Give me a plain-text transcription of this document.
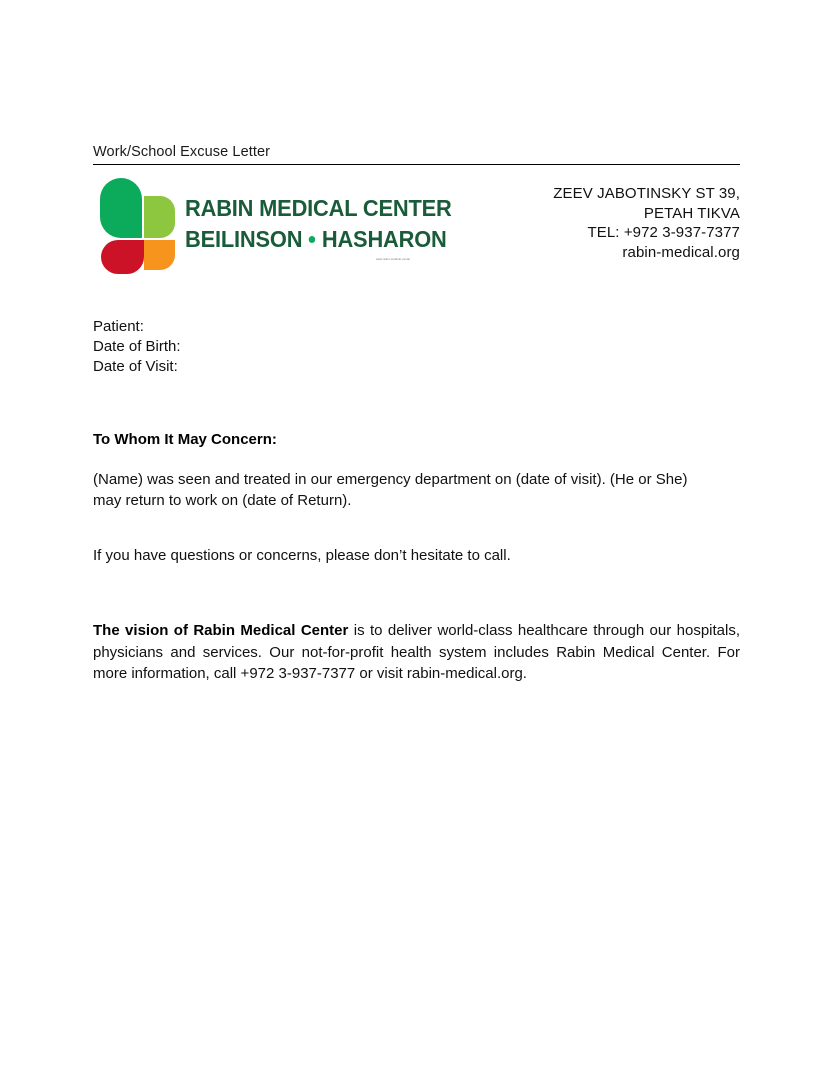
Work/School Excuse Letter
RABIN MEDICAL CENTER
BEILINSON HASHARON
www.rabin-medical.center
ZEEV JABOTINSKY ST 39,
PETAH TIKVA
TEL: +972 3-937-7377
rabin-medical.org
Patient:
Date of Birth:
Date of Visit:
To Whom It May Concern:
(Name) was seen and treated in our emergency department on (date of visit). (He or She) may return to work on (date of Return).
If you have questions or concerns, please don’t hesitate to call.
The vision of Rabin Medical Center is to deliver world-class healthcare through our hospitals, physicians and services. Our not-for-profit health system includes Rabin Medical Center. For more information, call +972 3-937-7377 or visit rabin-medical.org.
